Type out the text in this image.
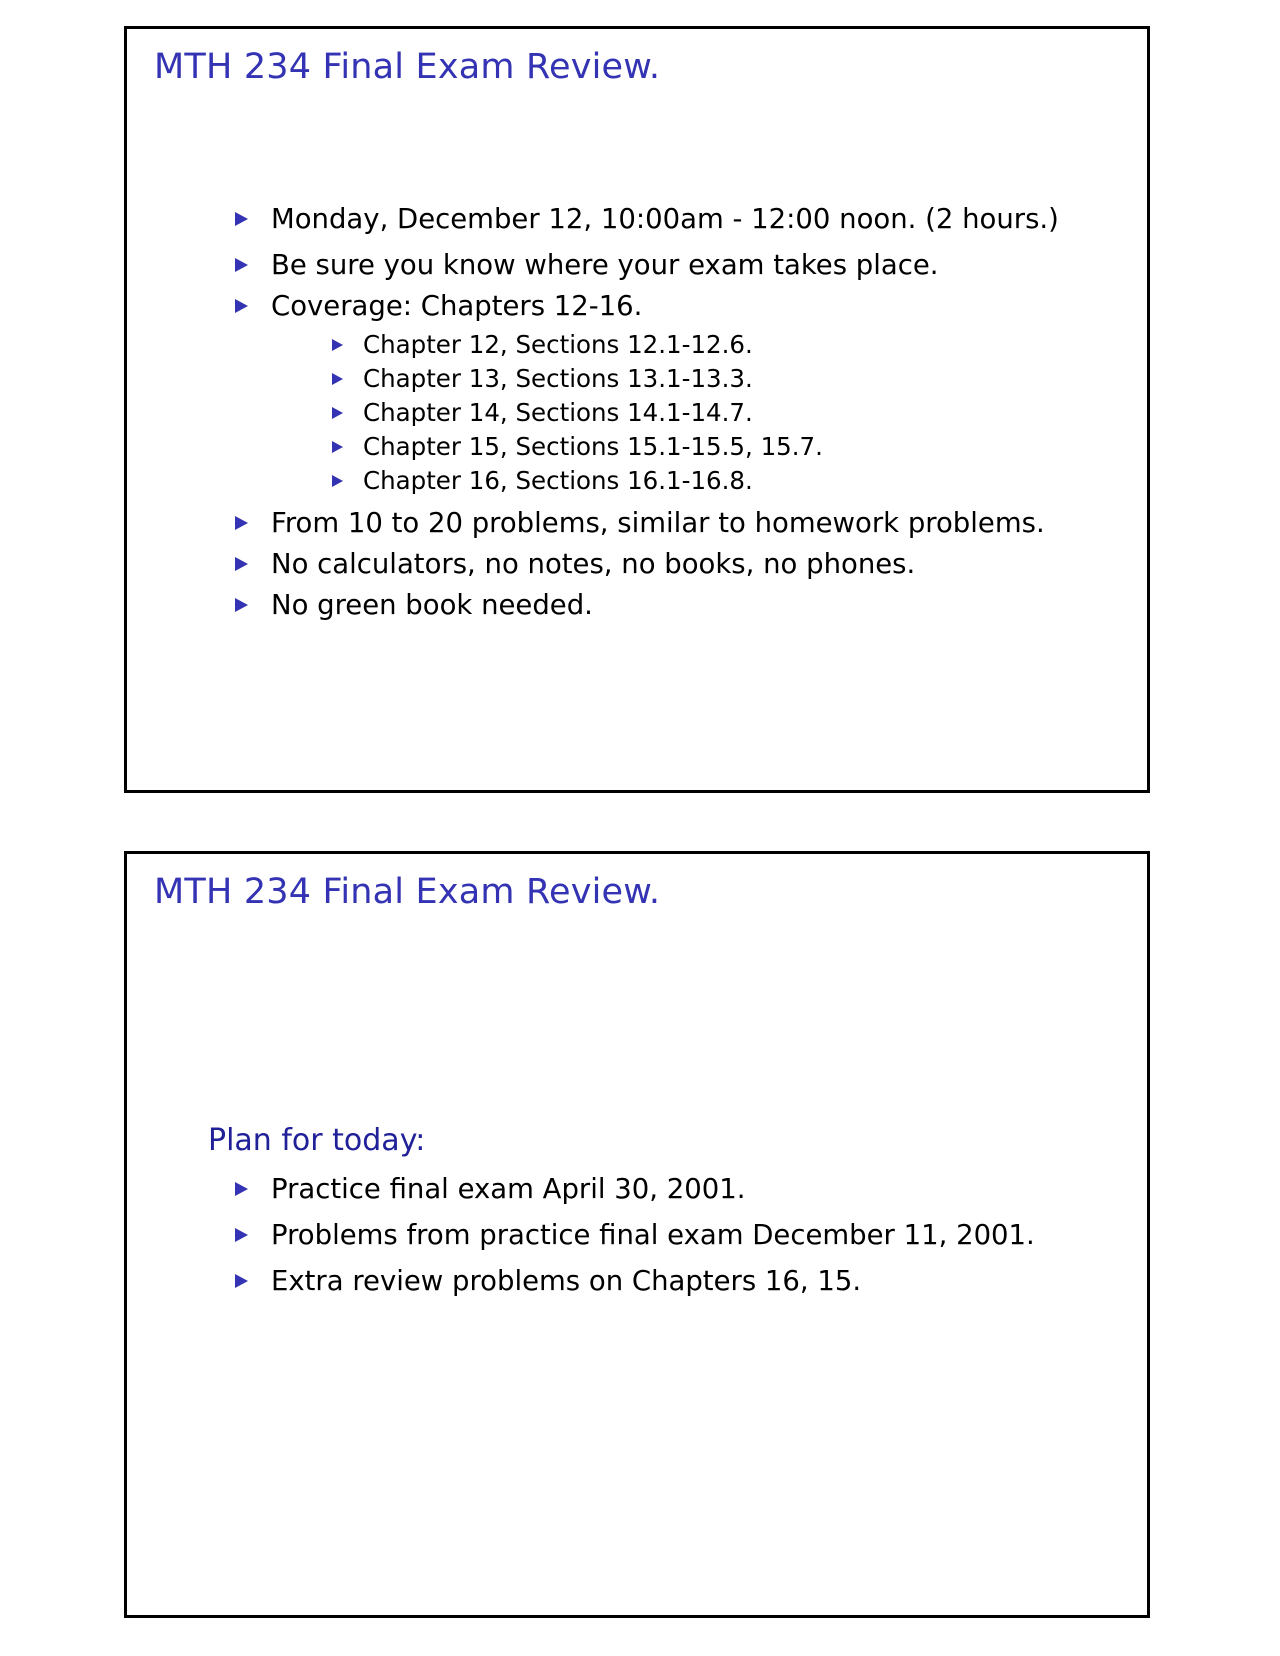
MTH 234 Final Exam Review.
Monday, December 12, 10:00am - 12:00 noon. (2 hours.)
Be sure you know where your exam takes place.
Coverage: Chapters 12-16.
Chapter 12, Sections 12.1-12.6.
Chapter 13, Sections 13.1-13.3.
Chapter 14, Sections 14.1-14.7.
Chapter 15, Sections 15.1-15.5, 15.7.
Chapter 16, Sections 16.1-16.8.
From 10 to 20 problems, similar to homework problems.
No calculators, no notes, no books, no phones.
No green book needed.
MTH 234 Final Exam Review.
Plan for today:
Practice final exam April 30, 2001.
Problems from practice final exam December 11, 2001.
Extra review problems on Chapters 16, 15.
